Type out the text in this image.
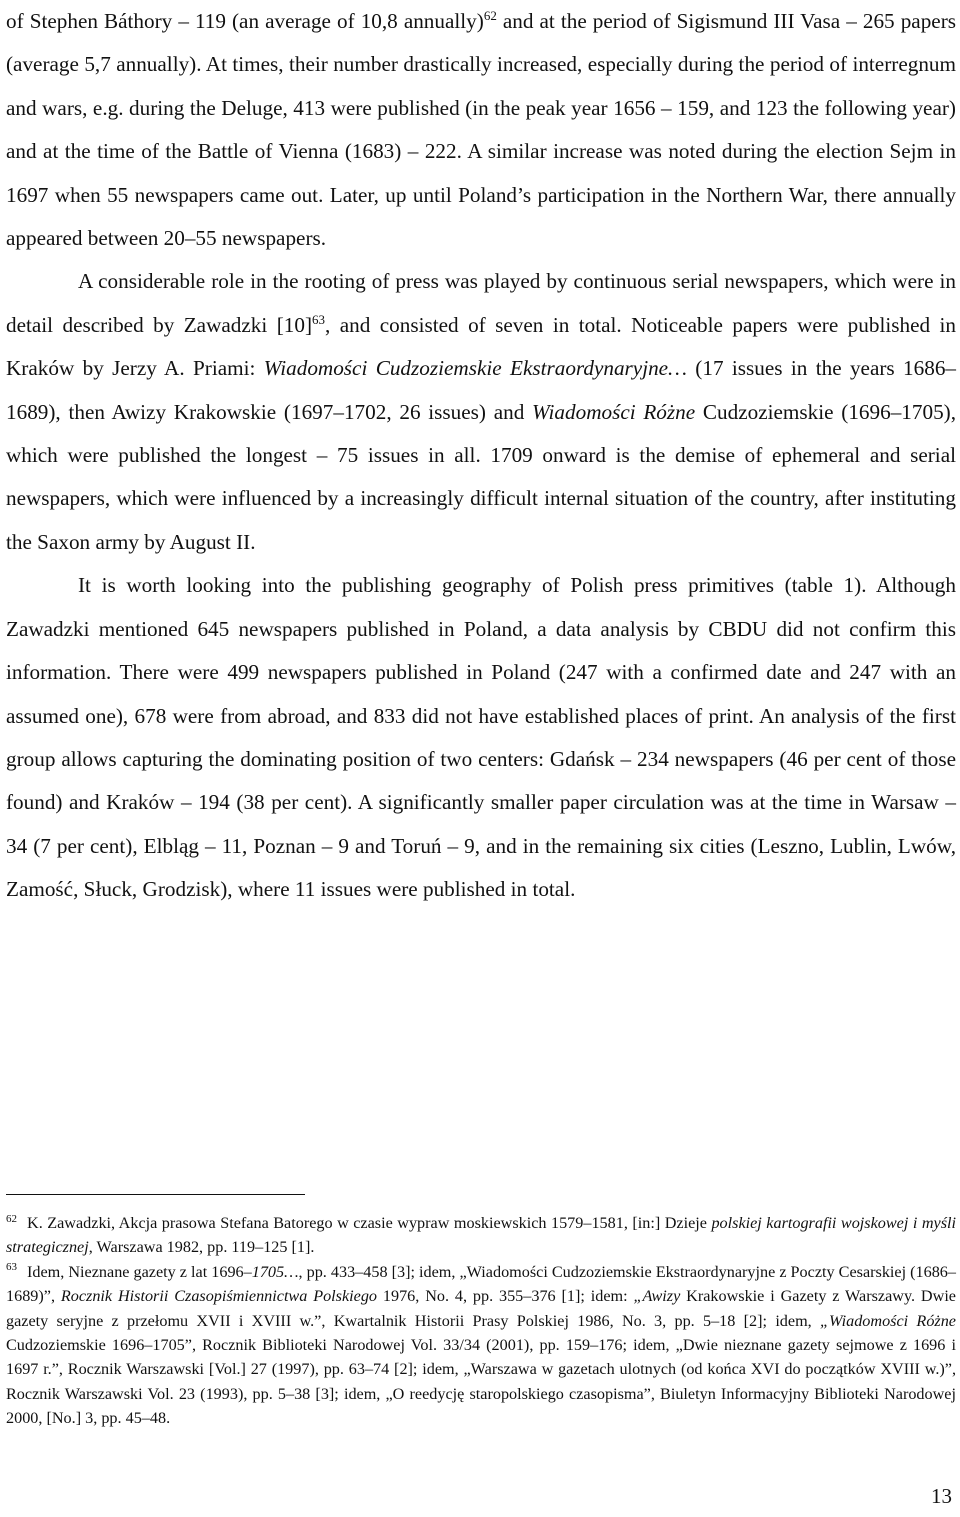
of Stephen Báthory – 119 (an average of 10,8 annually)$^{62}$ and at the period of Sigismund III Vasa – 265 papers (average 5,7 annually). At times, their number drastically increased, especially during the period of interregnum and wars, e.g. during the Deluge, 413 were published (in the peak year 1656 – 159, and 123 the following year) and at the time of the Battle of Vienna (1683) – 222. A similar increase was noted during the election Sejm in 1697 when 55 newspapers came out. Later, up until Poland’s participation in the Northern War, there annually appeared between 20–55 newspapers.

A considerable role in the rooting of press was played by continuous serial newspapers, which were in detail described by Zawadzki $[10]^{63}$, and consisted of seven in total. Noticeable papers were published in Kraków by Jerzy A. Priami: Wiadomości Cudzoziemskie Ekstraordynaryjne… (17 issues in the years 1686–1689), then Awizy Krakowskie (1697–1702, 26 issues) and Wiadomości Różne Cudzoziemskie (1696–1705), which were published the longest – 75 issues in all. 1709 onward is the demise of ephemeral and serial newspapers, which were influenced by a increasingly difficult internal situation of the country, after instituting the Saxon army by August II.

It is worth looking into the publishing geography of Polish press primitives (table 1). Although Zawadzki mentioned 645 newspapers published in Poland, a data analysis by CBDU did not confirm this information. There were 499 newspapers published in Poland (247 with a confirmed date and 247 with an assumed one), 678 were from abroad, and 833 did not have established places of print. An analysis of the first group allows capturing the dominating position of two centers: Gdańsk – 234 newspapers (46 per cent of those found) and Kraków – 194 (38 per cent). A significantly smaller paper circulation was at the time in Warsaw – 34 (7 per cent), Elbląg – 11, Poznan – 9 and Toruń – 9, and in the remaining six cities (Leszno, Lublin, Lwów, Zamość, Słuck, Grodzisk), where 11 issues were published in total.

$^{62}$ K. Zawadzki, Akcja prasowa Stefana Batorego w czasie wypraw moskiewskich 1579–1581, [in:] Dzieje polskiej kartografii wojskowej i myśli strategicznej, Warszawa 1982, pp. 119–125 [1].

$^{63}$ Idem, Nieznane gazety z lat 1696–1705…, pp. 433–458 [3]; idem, „Wiadomości Cudzoziemskie Ekstraordynaryjne z Poczty Cesarskiej (1686–1689)”, Rocznik Historii Czasopiśmiennictwa Polskiego 1976, No. 4, pp. 355–376 [1]; idem: „Awizy Krakowskie i Gazety z Warszawy. Dwie gazety seryjne z przełomu XVII i XVIII w.”, Kwartalnik Historii Prasy Polskiej 1986, No. 3, pp. 5–18 [2]; idem, „Wiadomości Różne Cudzoziemskie 1696–1705”, Rocznik Biblioteki Narodowej Vol. 33/34 (2001), pp. 159–176; idem, „Dwie nieznane gazety sejmowe z 1696 i 1697 r.”, Rocznik Warszawski [Vol.] 27 (1997), pp. 63–74 [2]; idem, „Warszawa w gazetach ulotnych (od końca XVI do początków XVIII w.)”, Rocznik Warszawski Vol. 23 (1993), pp. 5–38 [3]; idem, „O reedycję staropolskiego czasopisma”, Biuletyn Informacyjny Biblioteki Narodowej 2000, [No.] 3, pp. 45–48.

13
